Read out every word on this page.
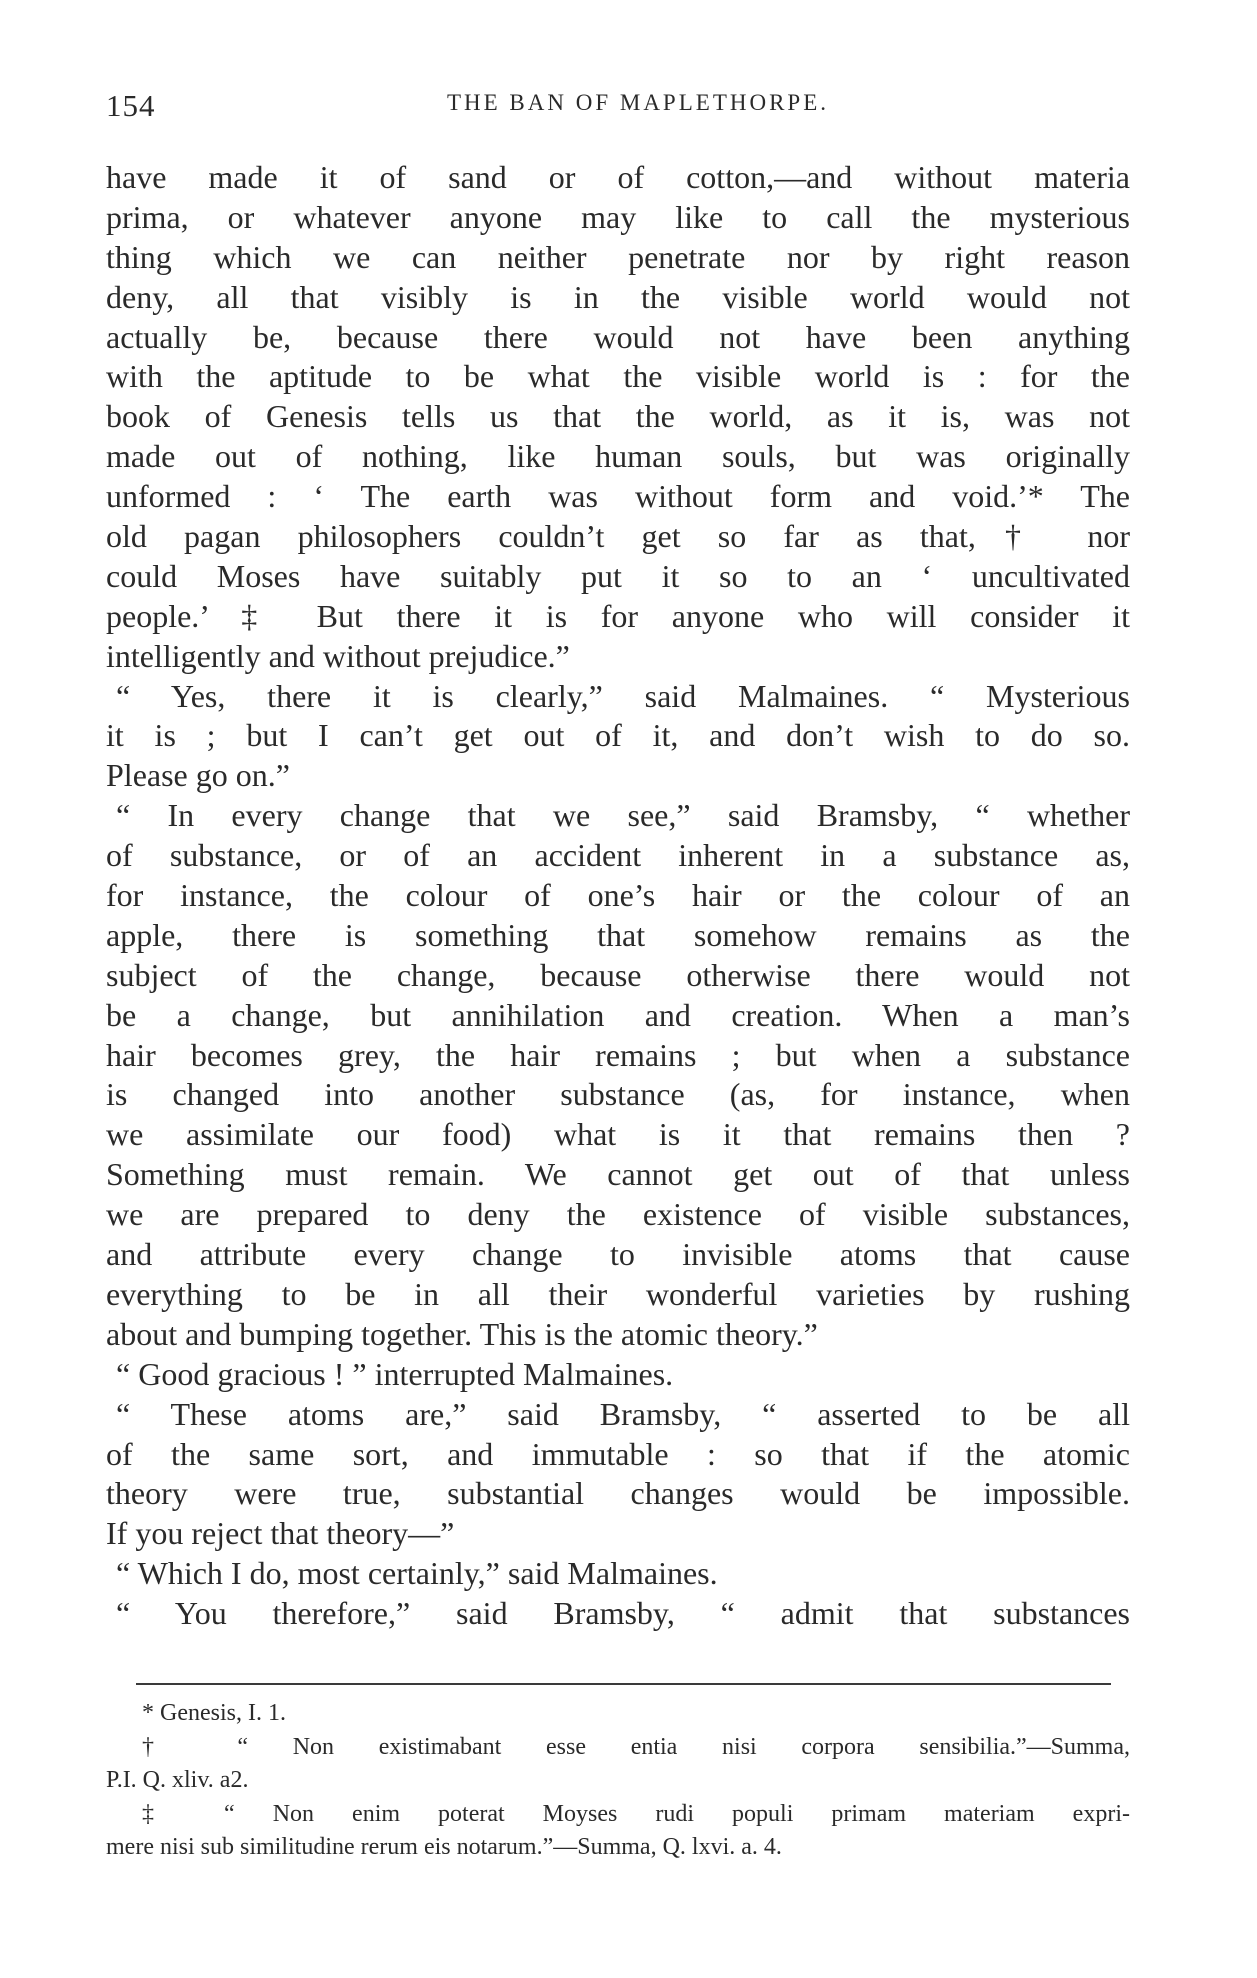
154	THE BAN OF MAPLETHORPE.
have made it of sand or of cotton,—and without materia
prima, or whatever anyone may like to call the mysterious
thing which we can neither penetrate nor by right reason
deny, all that visibly is in the visible world would not
actually be, because there would not have been anything
with the aptitude to be what the visible world is : for the
book of Genesis tells us that the world, as it is, was not
made out of nothing, like human souls, but was originally
unformed : ‘ The earth was without form and void.’* The
old pagan philosophers couldn’t get so far as that,† nor
could Moses have suitably put it so to an ‘ uncultivated
people.’ ‡ But there it is for anyone who will consider it
intelligently and without prejudice.”
“ Yes, there it is clearly,” said Malmaines. “ Mysterious
it is ; but I can’t get out of it, and don’t wish to do so.
Please go on.”
“ In every change that we see,” said Bramsby, “ whether
of substance, or of an accident inherent in a substance as,
for instance, the colour of one’s hair or the colour of an
apple, there is something that somehow remains as the
subject of the change, because otherwise there would not
be a change, but annihilation and creation. When a man’s
hair becomes grey, the hair remains ; but when a substance
is changed into another substance (as, for instance, when
we assimilate our food) what is it that remains then ?
Something must remain. We cannot get out of that unless
we are prepared to deny the existence of visible substances,
and attribute every change to invisible atoms that cause
everything to be in all their wonderful varieties by rushing
about and bumping together. This is the atomic theory.”
“ Good gracious ! ” interrupted Malmaines.
“ These atoms are,” said Bramsby, “ asserted to be all
of the same sort, and immutable : so that if the atomic
theory were true, substantial changes would be impossible.
If you reject that theory—”
“ Which I do, most certainly,” said Malmaines.
“ You therefore,” said Bramsby, “ admit that substances
* Genesis, I. 1.
† “ Non existimabant esse entia nisi corpora sensibilia.”—Summa,
P.I. Q. xliv. a2.
‡ “ Non enim poterat Moyses rudi populi primam materiam expri-
mere nisi sub similitudine rerum eis notarum.”—Summa, Q. lxvi. a. 4.
